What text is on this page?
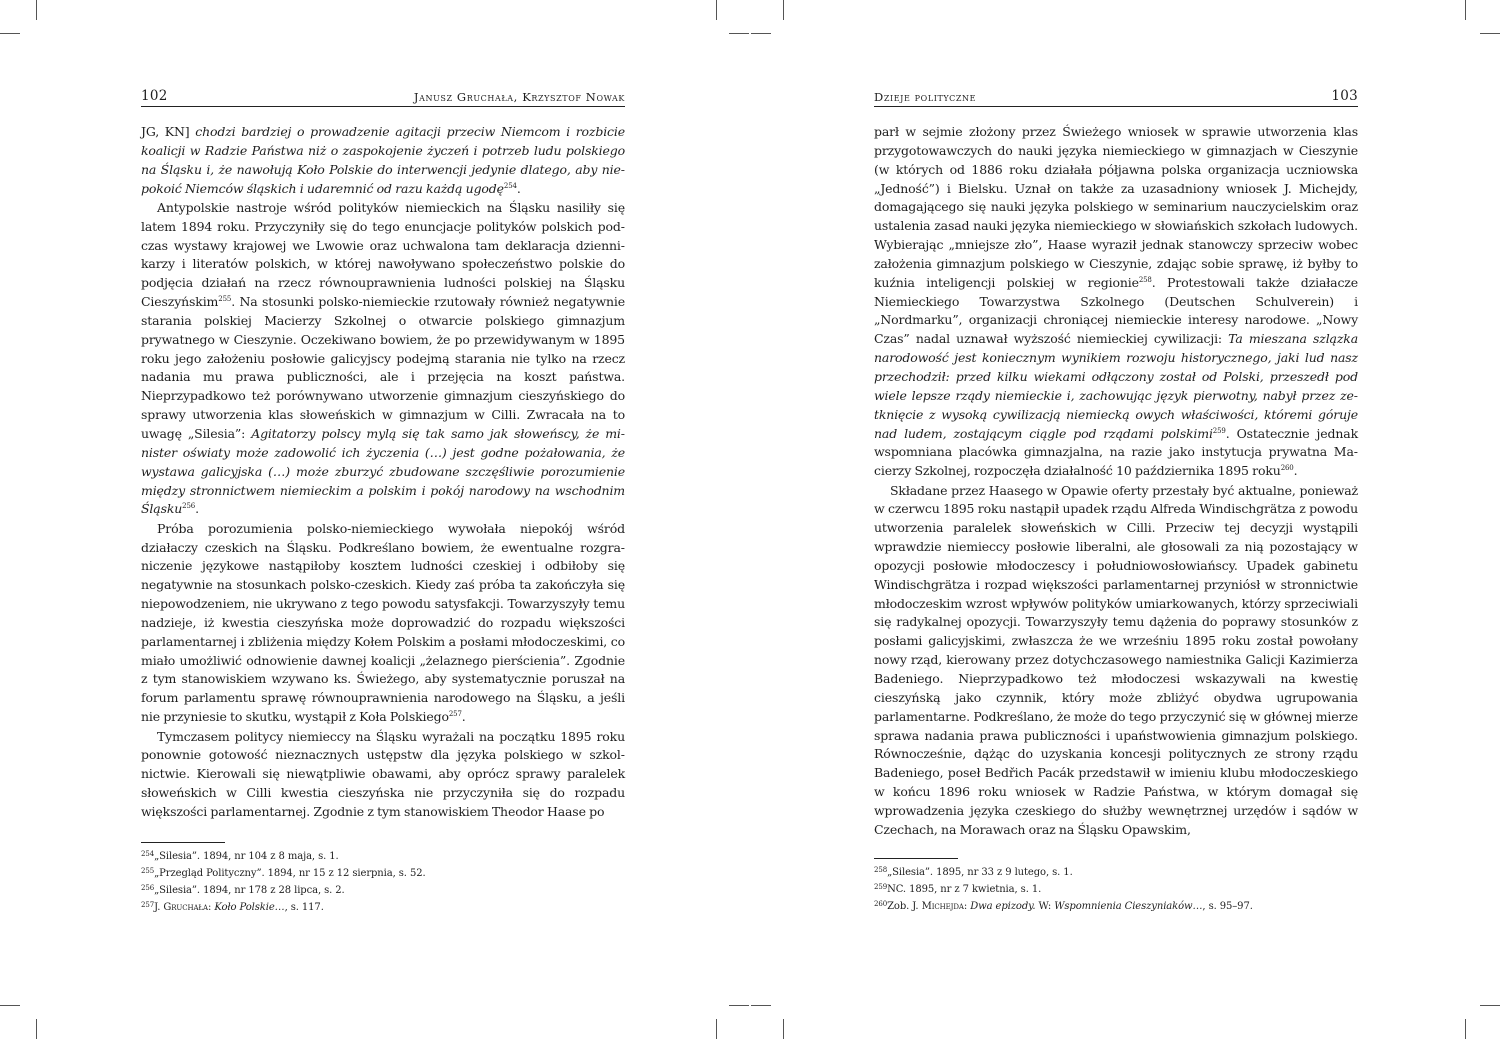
102	Janusz Gruchała, Krzysztof Nowak

JG, KN] chodzi bardziej o prowadzenie agitacji przeciw Niemcom i rozbicie koalicji w Radzie Państwa niż o zaspokojenie życzeń i potrzeb ludu polskiego na Śląsku i, że nawołują Koło Polskie do interwencji jedynie dlatego, aby niepokoić Niemców śląskich i udaremnić od razu każdą ugodę$^{254}$.

Antypolskie nastroje wśród polityków niemieckich na Śląsku nasiliły się latem 1894 roku. Przyczyniły się do tego enuncjacje polityków polskich podczas wystawy krajowej we Lwowie oraz uchwalona tam deklaracja dziennikarzy i literatów polskich, w której nawoływano społeczeństwo polskie do podjęcia działań na rzecz równouprawnienia ludności polskiej na Śląsku Cieszyńskim$^{255}$. Na stosunki polsko-niemieckie rzutowały również negatywnie starania polskiej Macierzy Szkolnej o otwarcie polskiego gimnazjum prywatnego w Cieszynie. Oczekiwano bowiem, że po przewidywanym w 1895 roku jego założeniu posłowie galicyjscy podejmą starania nie tylko na rzecz nadania mu prawa publiczności, ale i przejęcia na koszt państwa. Nieprzypadkowo też porównywano utworzenie gimnazjum cieszyńskiego do sprawy utworzenia klas słoweńskich w gimnazjum w Cilli. Zwracała na to uwagę „Silesia”: Agitatorzy polscy mylą się tak samo jak słoweńscy, że minister oświaty może zadowolić ich życzenia (…) jest godne pożałowania, że wystawa galicyjska (…) może zburzyć zbudowane szczęśliwie porozumienie między stronnictwem niemieckim a polskim i pokój narodowy na wschodnim Śląsku$^{256}$.

Próba porozumienia polsko-niemieckiego wywołała niepokój wśród działaczy czeskich na Śląsku. Podkreślano bowiem, że ewentualne rozgraniczenie językowe nastąpiłoby kosztem ludności czeskiej i odbiłoby się negatywnie na stosunkach polsko-czeskich. Kiedy zaś próba ta zakończyła się niepowodzeniem, nie ukrywano z tego powodu satysfakcji. Towarzyszyły temu nadzieje, iż kwestia cieszyńska może doprowadzić do rozpadu większości parlamentarnej i zbliżenia między Kołem Polskim a posłami młodoczeskimi, co miało umożliwić odnowienie dawnej koalicji „żelaznego pierścienia”. Zgodnie z tym stanowiskiem wzywano ks. Świeżego, aby systematycznie poruszał na forum parlamentu sprawę równouprawnienia narodowego na Śląsku, a jeśli nie przyniesie to skutku, wystąpił z Koła Polskiego$^{257}$.

Tymczasem politycy niemieccy na Śląsku wyrażali na początku 1895 roku ponownie gotowość nieznacznych ustępstw dla języka polskiego w szkolnictwie. Kierowali się niewątpliwie obawami, aby oprócz sprawy paralelek słoweńskich w Cilli kwestia cieszyńska nie przyczyniła się do rozpadu większości parlamentarnej. Zgodnie z tym stanowiskiem Theodor Haase po

$^{254}$„Silesia”. 1894, nr 104 z 8 maja, s. 1.
$^{255}$„Przegląd Polityczny”. 1894, nr 15 z 12 sierpnia, s. 52.
$^{256}$„Silesia”. 1894, nr 178 z 28 lipca, s. 2.
$^{257}$J. Gruchała: Koło Polskie…, s. 117.
Dzieje polityczne	103

parł w sejmie złożony przez Świeżego wniosek w sprawie utworzenia klas przygotowawczych do nauki języka niemieckiego w gimnazjach w Cieszynie (w których od 1886 roku działała półjawna polska organizacja uczniowska „Jedność”) i Bielsku. Uznał on także za uzasadniony wniosek J. Michejdy, domagającego się nauki języka polskiego w seminarium nauczycielskim oraz ustalenia zasad nauki języka niemieckiego w słowiańskich szkołach ludowych. Wybierając „mniejsze zło”, Haase wyraził jednak stanowczy sprzeciw wobec założenia gimnazjum polskiego w Cieszynie, zdając sobie sprawę, iż byłby to kuźnia inteligencji polskiej w regionie$^{258}$. Protestowali także działacze Niemieckiego Towarzystwa Szkolnego (Deutschen Schulverein) i „Nordmarku”, organizacji chroniącej niemieckie interesy narodowe. „Nowy Czas” nadal uznawał wyższość niemieckiej cywilizacji: Ta mieszana szlązka narodowość jest koniecznym wynikiem rozwoju historycznego, jaki lud nasz przechodził: przed kilku wiekami odłączony został od Polski, przeszedł pod wiele lepsze rządy niemieckie i, zachowując język pierwotny, nabył przez zetknięcie z wysoką cywilizacją niemiecką owych właściwości, któremi góruje nad ludem, zostającym ciągle pod rządami polskimi$^{259}$. Ostatecznie jednak wspomniana placówka gimnazjalna, na razie jako instytucja prywatna Macierzy Szkolnej, rozpoczęła działalność 10 października 1895 roku$^{260}$.

Składane przez Haasego w Opawie oferty przestały być aktualne, ponieważ w czerwcu 1895 roku nastąpił upadek rządu Alfreda Windischgrätza z powodu utworzenia paralelek słoweńskich w Cilli. Przeciw tej decyzji wystąpili wprawdzie niemieccy posłowie liberalni, ale głosowali za nią pozostający w opozycji posłowie młodoczescy i południowosłowiańscy. Upadek gabinetu Windischgrätza i rozpad większości parlamentarnej przyniósł w stronnictwie młodoczeskim wzrost wpływów polityków umiarkowanych, którzy sprzeciwiali się radykalnej opozycji. Towarzyszyły temu dążenia do poprawy stosunków z posłami galicyjskimi, zwłaszcza że we wrześniu 1895 roku został powołany nowy rząd, kierowany przez dotychczasowego namiestnika Galicji Kazimierza Badeniego. Nieprzypadkowo też młodoczesi wskazywali na kwestię cieszyńską jako czynnik, który może zbliżyć obydwa ugrupowania parlamentarne. Podkreślano, że może do tego przyczynić się w głównej mierze sprawa nadania prawa publiczności i upaństwowienia gimnazjum polskiego. Równocześnie, dążąc do uzyskania koncesji politycznych ze strony rządu Badeniego, poseł Bedřich Pacák przedstawił w imieniu klubu młodoczeskiego w końcu 1896 roku wniosek w Radzie Państwa, w którym domagał się wprowadzenia języka czeskiego do służby wewnętrznej urzędów i sądów w Czechach, na Morawach oraz na Śląsku Opawskim,

$^{258}$„Silesia”. 1895, nr 33 z 9 lutego, s. 1.
$^{259}$NC. 1895, nr z 7 kwietnia, s. 1.
$^{260}$Zob. J. Michejda: Dwa epizody. W: Wspomnienia Cieszyniaków…, s. 95–97.
